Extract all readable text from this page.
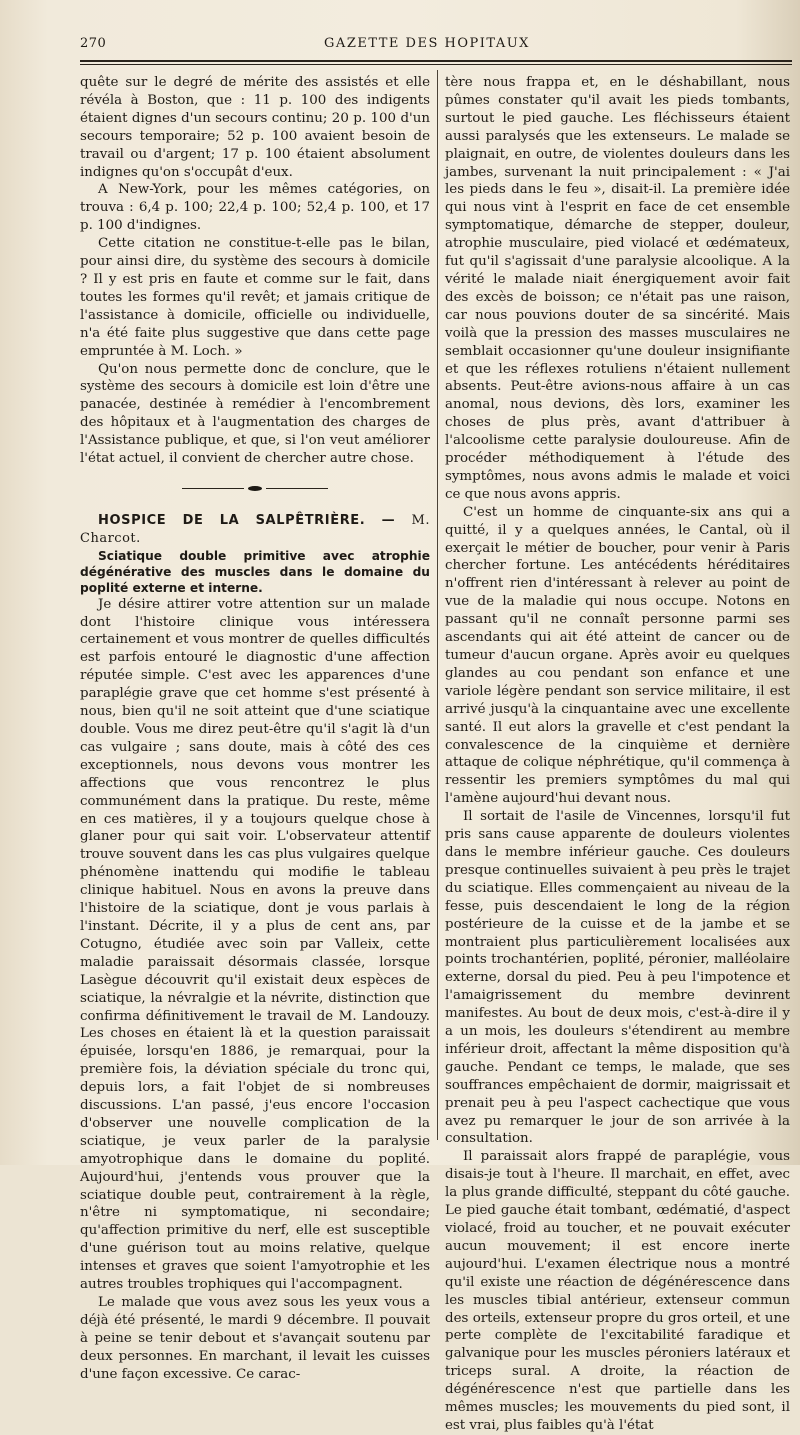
270	GAZETTE DES HOPITAUX

quête sur le degré de mérite des assistés et elle révéla à Boston, que : 11 p. 100 des indigents étaient dignes d'un secours continu; 20 p. 100 d'un secours temporaire; 52 p. 100 avaient besoin de travail ou d'argent; 17 p. 100 étaient absolument indignes qu'on s'occupât d'eux.

A New-York, pour les mêmes catégories, on trouva : 6,4 p. 100; 22,4 p. 100; 52,4 p. 100, et 17 p. 100 d'indignes.

Cette citation ne constitue-t-elle pas le bilan, pour ainsi dire, du système des secours à domicile ? Il y est pris en faute et comme sur le fait, dans toutes les formes qu'il revêt; et jamais critique de l'assistance à domicile, officielle ou individuelle, n'a été faite plus suggestive que dans cette page empruntée à M. Loch. »

Qu'on nous permette donc de conclure, que le système des secours à domicile est loin d'être une panacée, destinée à remédier à l'encombrement des hôpitaux et à l'augmentation des charges de l'Assistance publique, et que, si l'on veut améliorer l'état actuel, il convient de chercher autre chose.

HOSPICE DE LA SALPÊTRIÈRE. — M. Charcot.

Sciatique double primitive avec atrophie dégénérative des muscles dans le domaine du poplité externe et interne.

Je désire attirer votre attention sur un malade dont l'histoire clinique vous intéressera certainement et vous montrer de quelles difficultés est parfois entouré le diagnostic d'une affection réputée simple. C'est avec les apparences d'une paraplégie grave que cet homme s'est présenté à nous, bien qu'il ne soit atteint que d'une sciatique double. Vous me direz peut-être qu'il s'agit là d'un cas vulgaire ; sans doute, mais à côté des ces exceptionnels, nous devons vous montrer les affections que vous rencontrez le plus communément dans la pratique. Du reste, même en ces matières, il y a toujours quelque chose à glaner pour qui sait voir. L'observateur attentif trouve souvent dans les cas plus vulgaires quelque phénomène inattendu qui modifie le tableau clinique habituel. Nous en avons la preuve dans l'histoire de la sciatique, dont je vous parlais à l'instant. Décrite, il y a plus de cent ans, par Cotugno, étudiée avec soin par Valleix, cette maladie paraissait désormais classée, lorsque Lasègue découvrit qu'il existait deux espèces de sciatique, la névralgie et la névrite, distinction que confirma définitivement le travail de M. Landouzy. Les choses en étaient là et la question paraissait épuisée, lorsqu'en 1886, je remarquai, pour la première fois, la déviation spéciale du tronc qui, depuis lors, a fait l'objet de si nombreuses discussions. L'an passé, j'eus encore l'occasion d'observer une nouvelle complication de la sciatique, je veux parler de la paralysie amyotrophique dans le domaine du poplité. Aujourd'hui, j'entends vous prouver que la sciatique double peut, contrairement à la règle, n'être ni symptomatique, ni secondaire; qu'affection primitive du nerf, elle est susceptible d'une guérison tout au moins relative, quelque intenses et graves que soient l'amyotrophie et les autres troubles trophiques qui l'accompagnent.

Le malade que vous avez sous les yeux vous a déjà été présenté, le mardi 9 décembre. Il pouvait à peine se tenir debout et s'avançait soutenu par deux personnes. En marchant, il levait les cuisses d'une façon excessive. Ce carac-

tère nous frappa et, en le déshabillant, nous pûmes constater qu'il avait les pieds tombants, surtout le pied gauche. Les fléchisseurs étaient aussi paralysés que les extenseurs. Le malade se plaignait, en outre, de violentes douleurs dans les jambes, survenant la nuit principalement : « J'ai les pieds dans le feu », disait-il. La première idée qui nous vint à l'esprit en face de cet ensemble symptomatique, démarche de stepper, douleur, atrophie musculaire, pied violacé et œdémateux, fut qu'il s'agissait d'une paralysie alcoolique. A la vérité le malade niait énergiquement avoir fait des excès de boisson; ce n'était pas une raison, car nous pouvions douter de sa sincérité. Mais voilà que la pression des masses musculaires ne semblait occasionner qu'une douleur insignifiante et que les réflexes rotuliens n'étaient nullement absents. Peut-être avions-nous affaire à un cas anomal, nous devions, dès lors, examiner les choses de plus près, avant d'attribuer à l'alcoolisme cette paralysie douloureuse. Afin de procéder méthodiquement à l'étude des symptômes, nous avons admis le malade et voici ce que nous avons appris.

C'est un homme de cinquante-six ans qui a quitté, il y a quelques années, le Cantal, où il exerçait le métier de boucher, pour venir à Paris chercher fortune. Les antécédents héréditaires n'offrent rien d'intéressant à relever au point de vue de la maladie qui nous occupe. Notons en passant qu'il ne connaît personne parmi ses ascendants qui ait été atteint de cancer ou de tumeur d'aucun organe. Après avoir eu quelques glandes au cou pendant son enfance et une variole légère pendant son service militaire, il est arrivé jusqu'à la cinquantaine avec une excellente santé. Il eut alors la gravelle et c'est pendant la convalescence de la cinquième et dernière attaque de colique néphrétique, qu'il commença à ressentir les premiers symptômes du mal qui l'amène aujourd'hui devant nous.

Il sortait de l'asile de Vincennes, lorsqu'il fut pris sans cause apparente de douleurs violentes dans le membre inférieur gauche. Ces douleurs presque continuelles suivaient à peu près le trajet du sciatique. Elles commençaient au niveau de la fesse, puis descendaient le long de la région postérieure de la cuisse et de la jambe et se montraient plus particulièrement localisées aux points trochantérien, poplité, péronier, malléolaire externe, dorsal du pied. Peu à peu l'impotence et l'amaigrissement du membre devinrent manifestes. Au bout de deux mois, c'est-à-dire il y a un mois, les douleurs s'étendirent au membre inférieur droit, affectant la même disposition qu'à gauche. Pendant ce temps, le malade, que ses souffrances empêchaient de dormir, maigrissait et prenait peu à peu l'aspect cachectique que vous avez pu remarquer le jour de son arrivée à la consultation.

Il paraissait alors frappé de paraplégie, vous disais-je tout à l'heure. Il marchait, en effet, avec la plus grande difficulté, steppant du côté gauche. Le pied gauche était tombant, œdématié, d'aspect violacé, froid au toucher, et ne pouvait exécuter aucun mouvement; il est encore inerte aujourd'hui. L'examen électrique nous a montré qu'il existe une réaction de dégénérescence dans les muscles tibial antérieur, extenseur commun des orteils, extenseur propre du gros orteil, et une perte complète de l'excitabilité faradique et galvanique pour les muscles péroniers latéraux et triceps sural. A droite, la réaction de dégénérescence n'est que partielle dans les mêmes muscles; les mouvements du pied sont, il est vrai, plus faibles qu'à l'état
